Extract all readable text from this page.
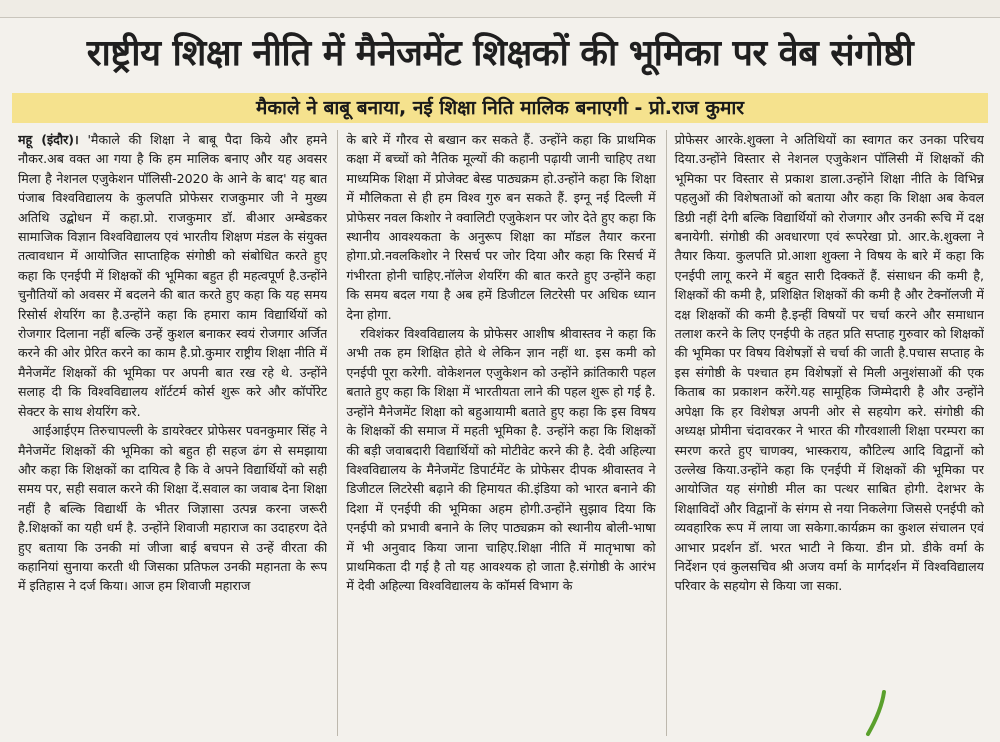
राष्ट्रीय शिक्षा नीति में मैनेजमेंट शिक्षकों की भूमिका पर वेब संगोष्ठी
मैकाले ने बाबू बनाया, नई शिक्षा निति मालिक बनाएगी - प्रो.राज कुमार

महू (इंदौर)। 'मैकाले की शिक्षा ने बाबू पैदा किये और हमने नौकर.अब वक्त आ गया है कि हम मालिक बनाए और यह अवसर मिला है नेशनल एजुकेशन पॉलिसी-2020 के आने के बाद' यह बात पंजाब विश्वविद्यालय के कुलपति प्रोफेसर राजकुमार जी ने मुख्य अतिथि उद्बोधन में कहा.प्रो. राजकुमार डॉ. बीआर अम्बेडकर सामाजिक विज्ञान विश्वविद्यालय एवं भारतीय शिक्षण मंडल के संयुक्त तत्वावधान में आयोजित साप्ताहिक संगोष्ठी को संबोधित करते हुए कहा कि एनईपी में शिक्षकों की भूमिका बहुत ही महत्वपूर्ण है.उन्होंने चुनौतियों को अवसर में बदलने की बात करते हुए कहा कि यह समय रिसोर्स शेयरिंग का है.उन्होंने कहा कि हमारा काम विद्यार्थियों को रोजगार दिलाना नहीं बल्कि उन्हें कुशल बनाकर स्वयं रोजगार अर्जित करने की ओर प्रेरित करने का काम है.प्रो.कुमार राष्ट्रीय शिक्षा नीति में मैनेजमेंट शिक्षकों की भूमिका पर अपनी बात रख रहे थे. उन्होंने सलाह दी कि विश्वविद्यालय शॉर्टटर्म कोर्स शुरू करे और कॉर्पोरेट सेक्टर के साथ शेयरिंग करे.

आईआईएम तिरुचापल्ली के डायरेक्टर प्रोफेसर पवनकुमार सिंह ने मैनेजमेंट शिक्षकों की भूमिका को बहुत ही सहज ढंग से समझाया और कहा कि शिक्षकों का दायित्व है कि वे अपने विद्यार्थियों को सही समय पर, सही सवाल करने की शिक्षा दें.सवाल का जवाब देना शिक्षा नहीं है बल्कि विद्यार्थी के भीतर जिज्ञासा उत्पन्न करना जरूरी है.शिक्षकों का यही धर्म है. उन्होंने शिवाजी महाराज का उदाहरण देते हुए बताया कि उनकी मां जीजा बाई बचपन से उन्हें वीरता की कहानियां सुनाया करती थी जिसका प्रतिफल उनकी महानता के रूप में इतिहास ने दर्ज किया। आज हम शिवाजी महाराज

के बारे में गौरव से बखान कर सकते हैं. उन्होंने कहा कि प्राथमिक कक्षा में बच्चों को नैतिक मूल्यों की कहानी पढ़ायी जानी चाहिए तथा माध्यमिक शिक्षा में प्रोजेक्ट बेस्ड पाठ्यक्रम हो.उन्होंने कहा कि शिक्षा में मौलिकता से ही हम विश्व गुरु बन सकते हैं. इग्नू नई दिल्ली में प्रोफेसर नवल किशोर ने क्वालिटी एजुकेशन पर जोर देते हुए कहा कि स्थानीय आवश्यकता के अनुरूप शिक्षा का मॉडल तैयार करना होगा.प्रो.नवलकिशोर ने रिसर्च पर जोर दिया और कहा कि रिसर्च में गंभीरता होनी चाहिए.नॉलेज शेयरिंग की बात करते हुए उन्होंने कहा कि समय बदल गया है अब हमें डिजीटल लिटरेसी पर अधिक ध्यान देना होगा.

रविशंकर विश्वविद्यालय के प्रोफेसर आशीष श्रीवास्तव ने कहा कि अभी तक हम शिक्षित होते थे लेकिन ज्ञान नहीं था. इस कमी को एनईपी पूरा करेगी. वोकेशनल एजुकेशन को उन्होंने क्रांतिकारी पहल बताते हुए कहा कि शिक्षा में भारतीयता लाने की पहल शुरू हो गई है. उन्होंने मैनेजमेंट शिक्षा को बहुआयामी बताते हुए कहा कि इस विषय के शिक्षकों की समाज में महती भूमिका है. उन्होंने कहा कि शिक्षकों की बड़ी जवाबदारी विद्यार्थियों को मोटीवेट करने की है. देवी अहिल्या विश्वविद्यालय के मैनेजमेंट डिपार्टमेंट के प्रोफेसर दीपक श्रीवास्तव ने डिजीटल लिटरेसी बढ़ाने की हिमायत की.इंडिया को भारत बनाने की दिशा में एनईपी की भूमिका अहम होगी.उन्होंने सुझाव दिया कि एनईपी को प्रभावी बनाने के लिए पाठ्यक्रम को स्थानीय बोली-भाषा में भी अनुवाद किया जाना चाहिए.शिक्षा नीति में मातृभाषा को प्राथमिकता दी गई है तो यह आवश्यक हो जाता है.संगोष्ठी के आरंभ में देवी अहिल्या विश्वविद्यालय के कॉमर्स विभाग के

प्रोफेसर आरके.शुक्ला ने अतिथियों का स्वागत कर उनका परिचय दिया.उन्होंने विस्तार से नेशनल एजुकेशन पॉलिसी में शिक्षकों की भूमिका पर विस्तार से प्रकाश डाला.उन्होंने शिक्षा नीति के विभिन्न पहलुओं की विशेषताओं को बताया और कहा कि शिक्षा अब केवल डिग्री नहीं देगी बल्कि विद्यार्थियों को रोजगार और उनकी रूचि में दक्ष बनायेगी. संगोष्ठी की अवधारणा एवं रूपरेखा प्रो. आर.के.शुक्ला ने तैयार किया. कुलपति प्रो.आशा शुक्ला ने विषय के बारे में कहा कि एनईपी लागू करने में बहुत सारी दिक्कतें हैं. संसाधन की कमी है, शिक्षकों की कमी है, प्रशिक्षित शिक्षकों की कमी है और टेक्नॉलजी में दक्ष शिक्षकों की कमी है.इन्हीं विषयों पर चर्चा करने और समाधान तलाश करने के लिए एनईपी के तहत प्रति सप्ताह गुरुवार को शिक्षकों की भूमिका पर विषय विशेषज्ञों से चर्चा की जाती है.पचास सप्ताह के इस संगोष्ठी के पश्चात हम विशेषज्ञों से मिली अनुशंसाओं की एक किताब का प्रकाशन करेंगे.यह सामूहिक जिम्मेदारी है और उन्होंने अपेक्षा कि हर विशेषज्ञ अपनी ओर से सहयोग करे. संगोष्ठी की अध्यक्ष प्रोमीना चंदावरकर ने भारत की गौरवशाली शिक्षा परम्परा का स्मरण करते हुए चाणक्य, भास्कराय, कौटिल्य आदि विद्वानों को उल्लेख किया.उन्होंने कहा कि एनईपी में शिक्षकों की भूमिका पर आयोजित यह संगोष्ठी मील का पत्थर साबित होगी. देशभर के शिक्षाविदों और विद्वानों के संगम से नया निकलेगा जिससे एनईपी को व्यवहारिक रूप में लाया जा सकेगा.कार्यक्रम का कुशल संचालन एवं आभार प्रदर्शन डॉ. भरत भाटी ने किया. डीन प्रो. डीके वर्मा के निर्देशन एवं कुलसचिव श्री अजय वर्मा के मार्गदर्शन में विश्वविद्यालय परिवार के सहयोग से किया जा सका.
